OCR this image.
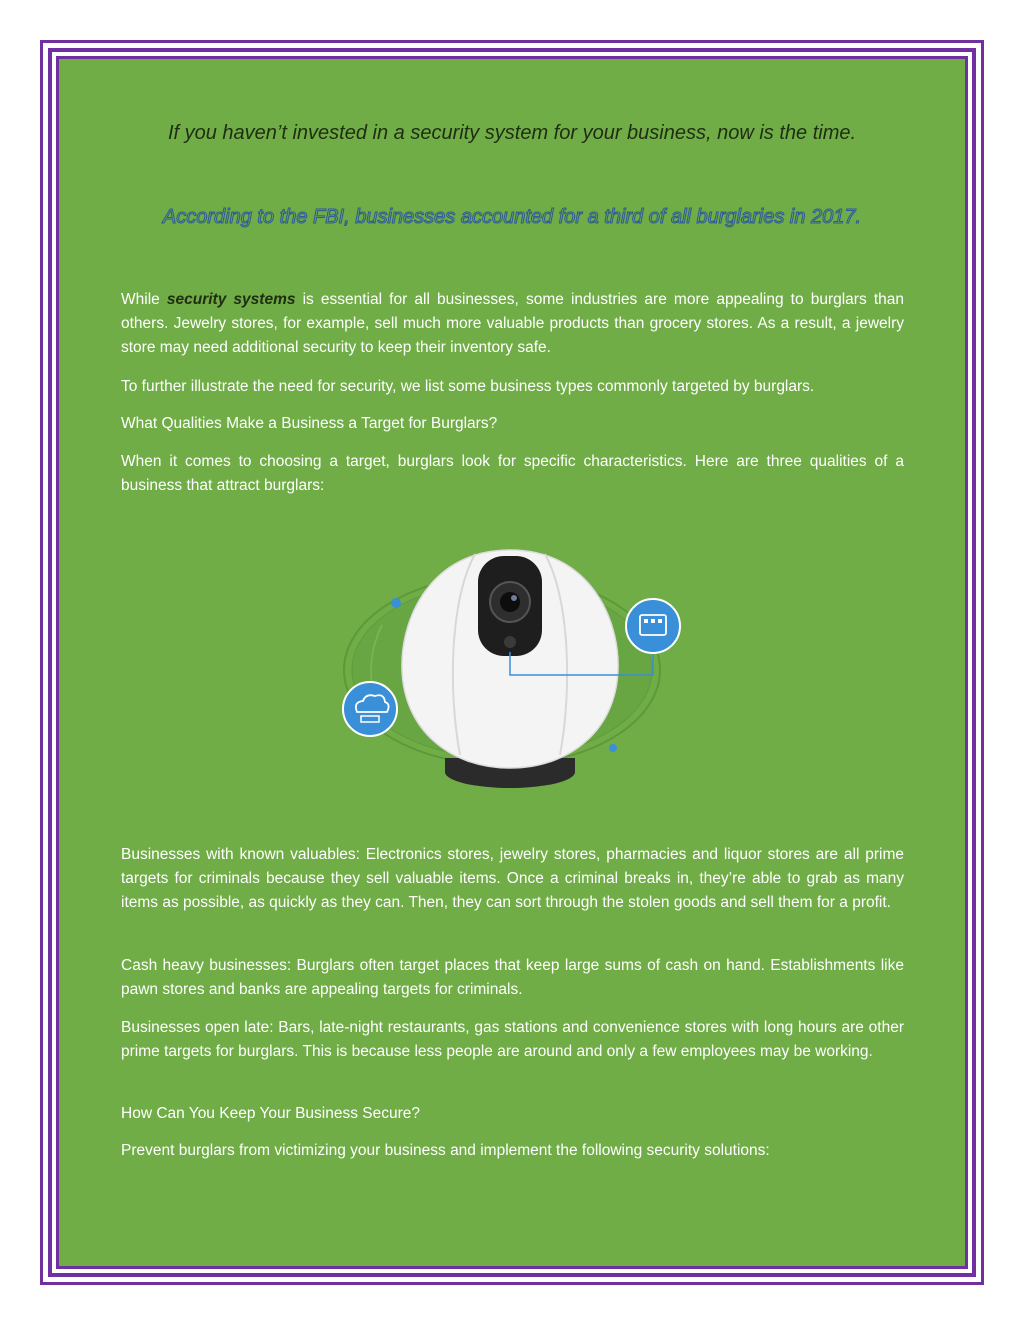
If you haven’t invested in a security system for your business, now is the time.
According to the FBI, businesses accounted for a third of all burglaries in 2017.

While security systems is essential for all businesses, some industries are more appealing to burglars than others. Jewelry stores, for example, sell much more valuable products than grocery stores. As a result, a jewelry store may need additional security to keep their inventory safe.

To further illustrate the need for security, we list some business types commonly targeted by burglars.

What Qualities Make a Business a Target for Burglars?

When it comes to choosing a target, burglars look for specific characteristics. Here are three qualities of a business that attract burglars:

Businesses with known valuables: Electronics stores, jewelry stores, pharmacies and liquor stores are all prime targets for criminals because they sell valuable items. Once a criminal breaks in, they’re able to grab as many items as possible, as quickly as they can. Then, they can sort through the stolen goods and sell them for a profit.

Cash heavy businesses: Burglars often target places that keep large sums of cash on hand. Establishments like pawn stores and banks are appealing targets for criminals.

Businesses open late: Bars, late-night restaurants, gas stations and convenience stores with long hours are other prime targets for burglars. This is because less people are around and only a few employees may be working.

How Can You Keep Your Business Secure?

Prevent burglars from victimizing your business and implement the following security solutions:
